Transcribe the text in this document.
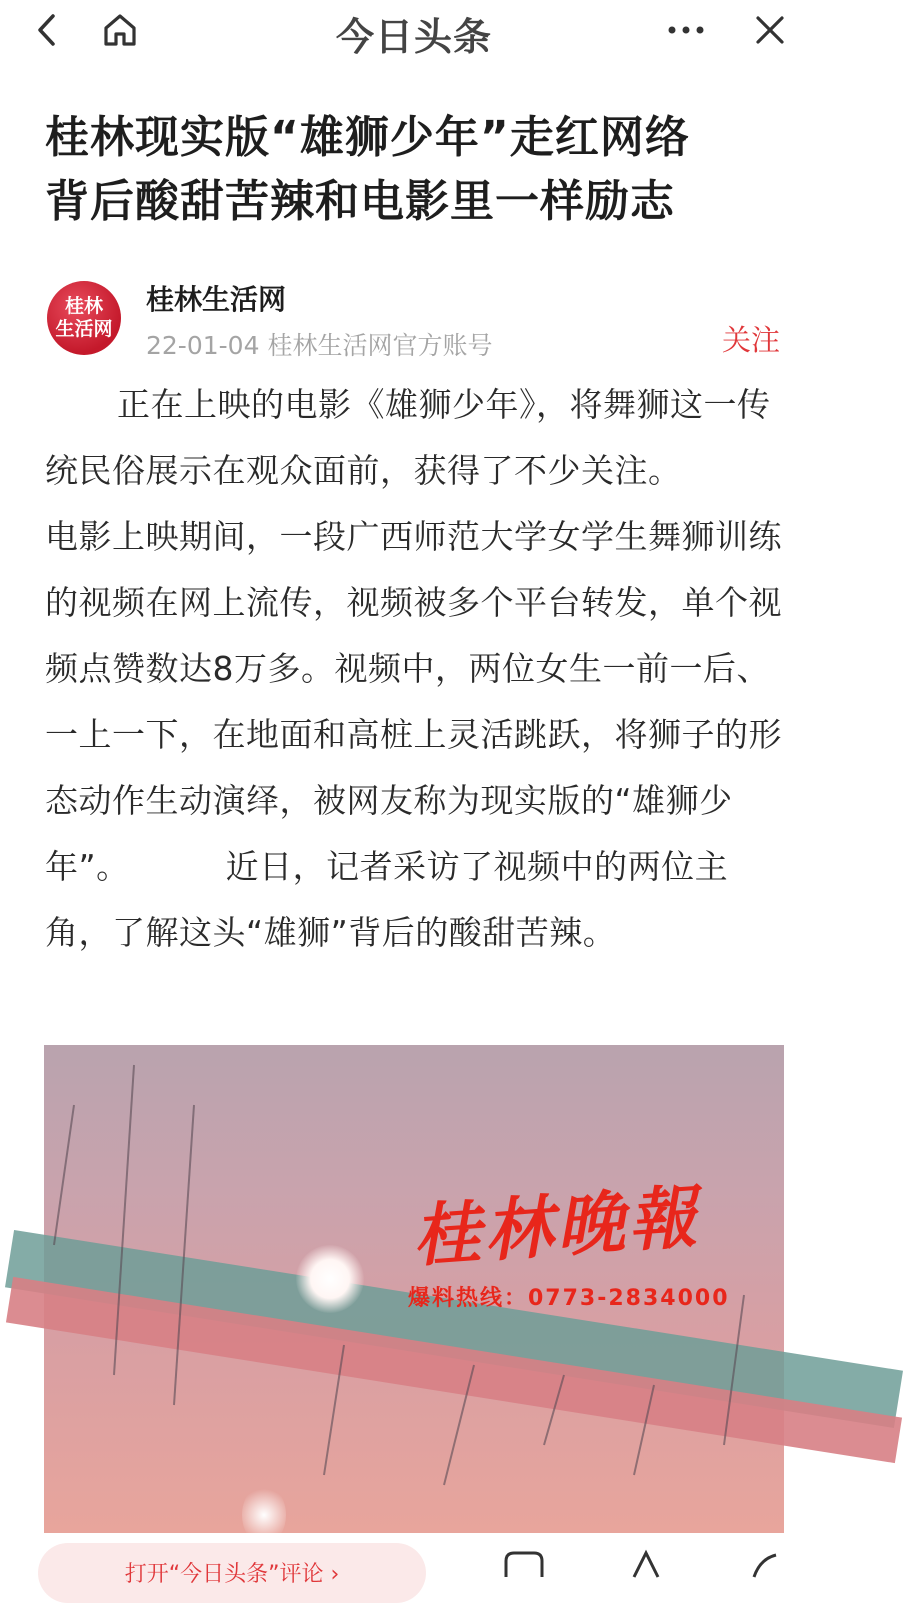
今日头条
桂林现实版“雄狮少年”走红网络
背后酸甜苦辣和电影里一样励志
桂林
生活网
桂林生活网
22-01-04 桂林生活网官方账号	关注
正在上映的电影《雄狮少年》，将舞狮这一传统民俗展示在观众面前，获得了不少关注。电影上映期间，一段广西师范大学女学生舞狮训练的视频在网上流传，视频被多个平台转发，单个视频点赞数达8万多。视频中，两位女生一前一后、一上一下，在地面和高桩上灵活跳跃，将狮子的形态动作生动演绎，被网友称为现实版的“雄狮少年”。	近日，记者采访了视频中的两位主角，了解这头“雄狮”背后的酸甜苦辣。
桂林晚報
爆料热线：0773-2834000
打开“今日头条”评论 ›
